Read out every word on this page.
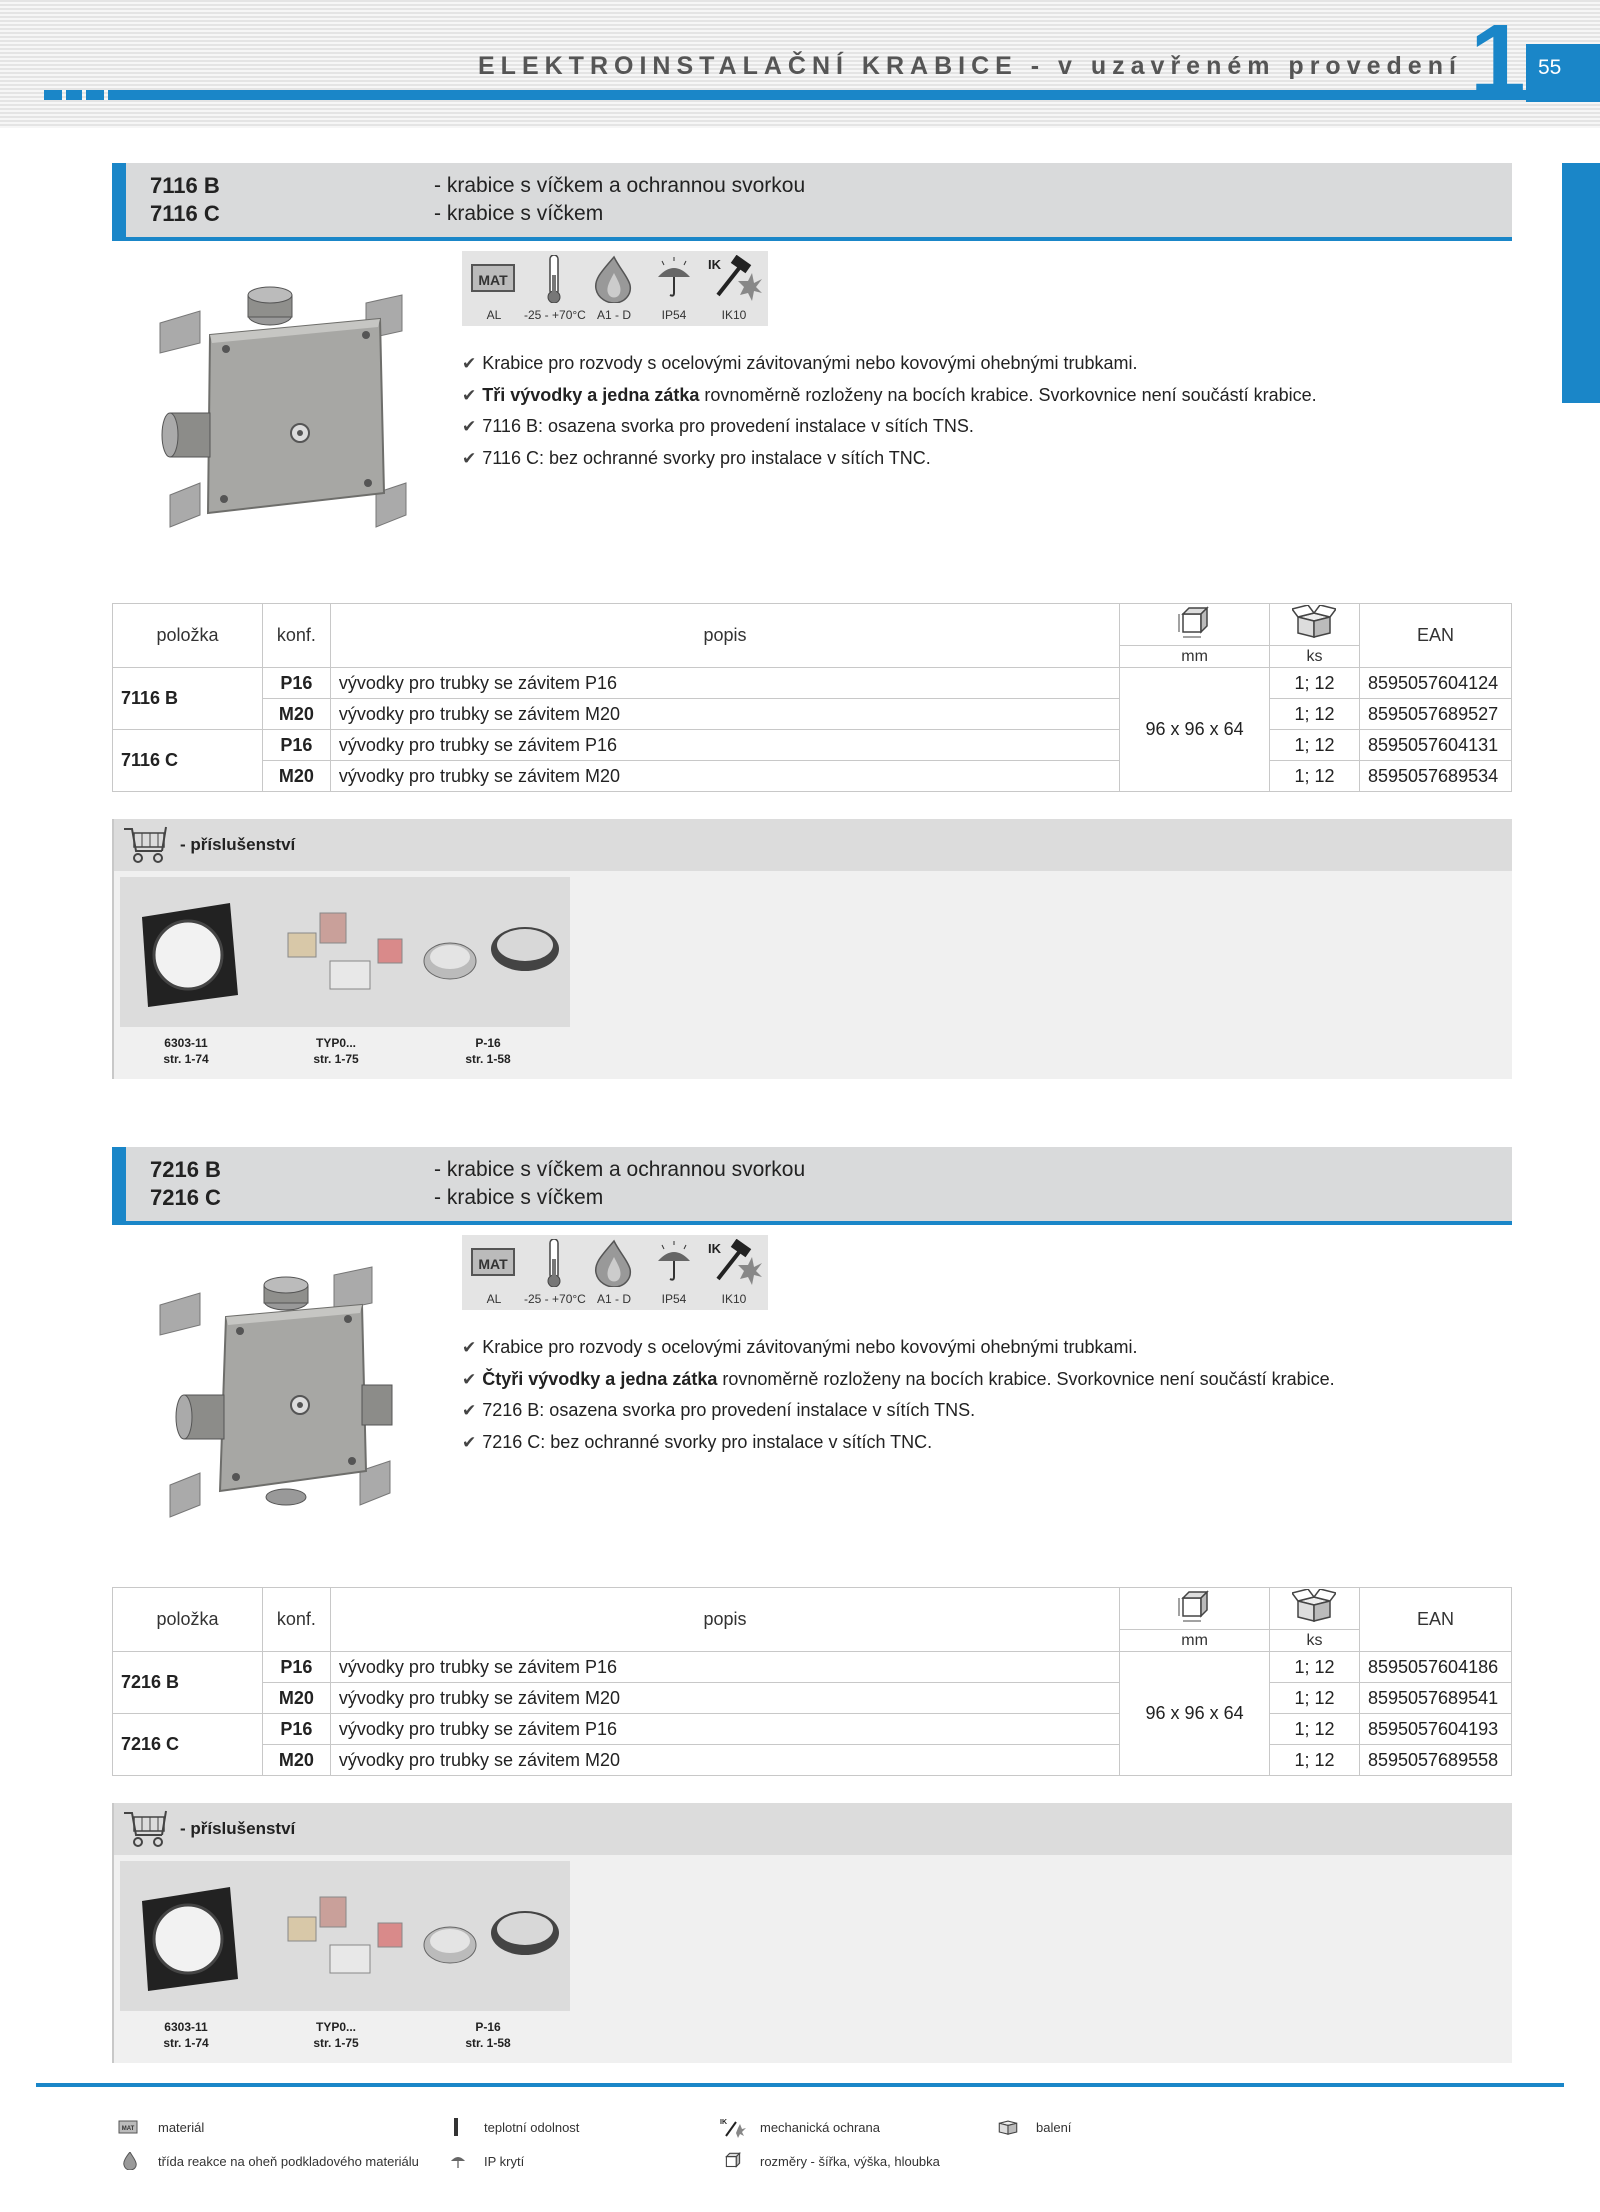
ELEKTROINSTALAČNÍ KRABICE - v uzavřeném provedení 1 55
7116 B
7116 C
- krabice s víčkem a ochrannou svorkou
- krabice s víčkem
MAT
AL	-25 - +70°C A1 - D	IP54
IK
IK10
✔ Krabice pro rozvody s ocelovými závitovanými nebo kovovými ohebnými trubkami.
✔ Tři vývodky a jedna zátka rovnoměrně rozloženy na bocích krabice. Svorkovnice není součástí krabice.
✔ 7116 B: osazena svorka pro provedení instalace v sítích TNS.
✔ 7116 C: bez ochranné svorky pro instalace v sítích TNC.
položka	konf.	popis			EAN
			mm	ks	
7116 B	P16	vývodky pro trubky se závitem P16	96 x 96 x 64	1; 12	8595057604124
	M20	vývodky pro trubky se závitem M20		1; 12	8595057689527
7116 C	P16	vývodky pro trubky se závitem P16		1; 12	8595057604131
	M20	vývodky pro trubky se závitem M20		1; 12	8595057689534
- příslušenství
6303-11
str. 1-74
TYP0...
str. 1-75
P-16
str. 1-58
7216 B
7216 C
- krabice s víčkem a ochrannou svorkou
- krabice s víčkem
MAT
AL	-25 - +70°C A1 - D	IP54
IK
IK10
✔ Krabice pro rozvody s ocelovými závitovanými nebo kovovými ohebnými trubkami.
✔ Čtyři vývodky a jedna zátka rovnoměrně rozloženy na bocích krabice. Svorkovnice není součástí krabice.
✔ 7216 B: osazena svorka pro provedení instalace v sítích TNS.
✔ 7216 C: bez ochranné svorky pro instalace v sítích TNC.
položka	konf.	popis			EAN
			mm	ks	
7216 B	P16	vývodky pro trubky se závitem P16	96 x 96 x 64	1; 12	8595057604186
	M20	vývodky pro trubky se závitem M20		1; 12	8595057689541
7216 C	P16	vývodky pro trubky se závitem P16		1; 12	8595057604193
	M20	vývodky pro trubky se závitem M20		1; 12	8595057689558
- příslušenství
6303-11
str. 1-74
TYP0...
str. 1-75
P-16
str. 1-58
MAT materiál	teplotní odolnost	IK	mechanická ochrana	balení
třída reakce na oheň podkladového materiálu	IP krytí	rozměry - šířka, výška, hloubka
